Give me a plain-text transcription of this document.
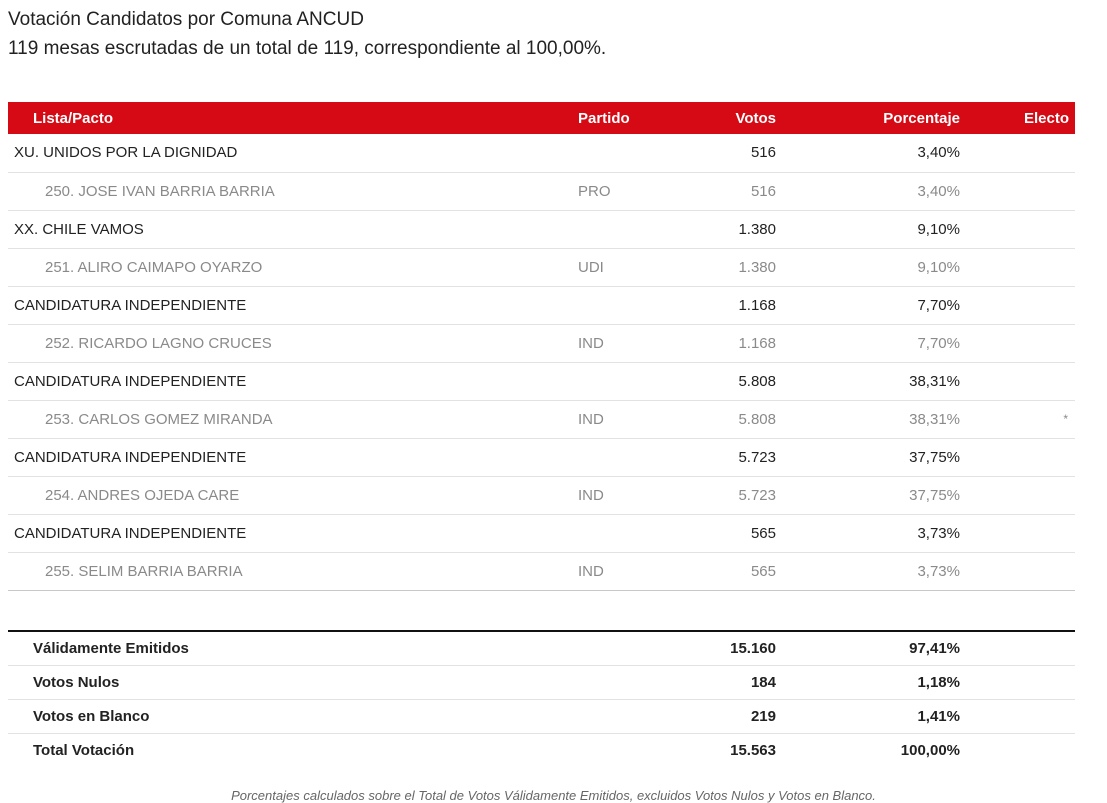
Votación Candidatos por Comuna ANCUD
119 mesas escrutadas de un total de 119, correspondiente al 100,00%.
Lista/Pacto	Partido	Votos	Porcentaje	Electo
XU. UNIDOS POR LA DIGNIDAD		516	3,40%	
250. JOSE IVAN BARRIA BARRIA	PRO	516	3,40%	
XX. CHILE VAMOS		1.380	9,10%	
251. ALIRO CAIMAPO OYARZO	UDI	1.380	9,10%	
CANDIDATURA INDEPENDIENTE		1.168	7,70%	
252. RICARDO LAGNO CRUCES	IND	1.168	7,70%	
CANDIDATURA INDEPENDIENTE		5.808	38,31%	
253. CARLOS GOMEZ MIRANDA	IND	5.808	38,31%	*
CANDIDATURA INDEPENDIENTE		5.723	37,75%	
254. ANDRES OJEDA CARE	IND	5.723	37,75%	
CANDIDATURA INDEPENDIENTE		565	3,73%	
255. SELIM BARRIA BARRIA	IND	565	3,73%	
Válidamente Emitidos	15.160	97,41%	
Votos Nulos	184	1,18%	
Votos en Blanco	219	1,41%	
Total Votación	15.563	100,00%	
Porcentajes calculados sobre el Total de Votos Válidamente Emitidos, excluidos Votos Nulos y Votos en Blanco.
